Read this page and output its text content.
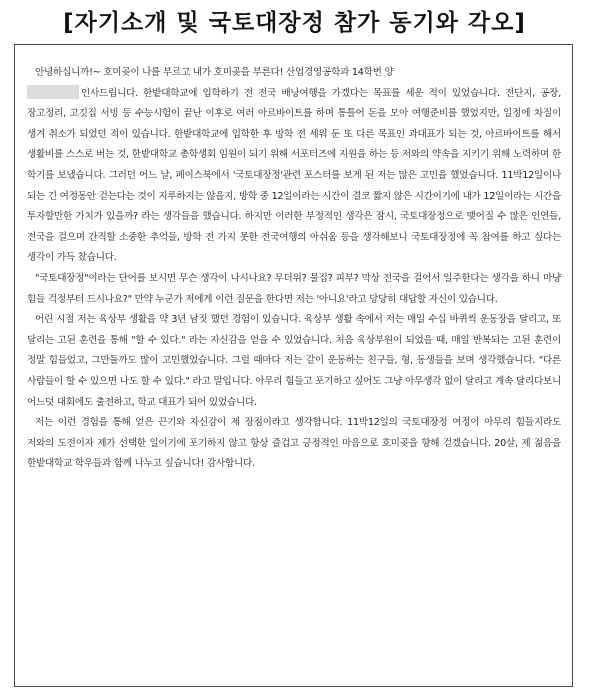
[자기소개 및 국토대장정 참가 동기와 각오]

안녕하십니까!~ 호미곶이 나를 부르고 내가 호미곶을 부른다! 산업경영공학과 14학번 양
인사드립니다. 한밭대학교에 입학하기 전 전국 배낭여행을 가겠다는 목표를 세운 적이 있었습니다. 전단지, 공장, 장고정리, 고깃집 서빙 등 수능시험이 끝난 이후로 여러 아르바이트를 하며 통틀어 돈을 모아 여행준비를 했었지만, 일정에 차질이 생겨 취소가 되었던 적이 있습니다. 한밭대학교에 입학한 후 방학 전 세워 둔 또 다른 목표인 과대표가 되는 것, 아르바이트를 해서 생활비를 스스로 버는 것, 한밭대학교 총학생회 임원이 되기 위해 서포터즈에 지원을 하는 등 저와의 약속을 지키기 위해 노력하며 한 학기를 보냈습니다. 그러던 어느 날, 페이스북에서 '국토대장정'관련 포스터를 보게 된 저는 많은 고민을 했었습니다. 11박12일이나 되는 긴 여정동안 걷는다는 것이 지루하지는 않을지, 방학 중 12일이라는 시간이 결코 짧지 않은 시간이기에 내가 12일이라는 시간을 투자할만한 가치가 있을까? 라는 생각들을 했습니다. 하지만 이러한 부정적인 생각은 잠시, 국토대장정으로 맺어질 수 많은 인연들, 전국을 걸으며 간직할 소중한 추억들, 방학 전 가지 못한 전국여행의 아쉬움 등을 생각해보니 국토대장정에 꼭 참여를 하고 싶다는 생각이 가득 찼습니다.

"국토대장정"이라는 단어를 보시면 무슨 생각이 나시나요? 무더위? 물집? 피부? 막상 전국을 걸어서 일주한다는 생각을 하니 마냥 힘들 걱정부터 드시나요?" 만약 누군가 저에게 이런 질문을 한다면 저는 '아니요'라고 당당히 대답할 자신이 있습니다.

어린 시절 저는 육상부 생활을 약 3년 남짓 했던 경험이 있습니다. 육상부 생활 속에서 저는 매일 수십 바퀴씩 운동장을 달리고, 또 달리는 고된 훈련을 통해 "할 수 있다." 라는 자신감을 얻을 수 있었습니다. 처음 육상부원이 되었을 때, 매일 반복되는 고된 훈련이 정말 힘들었고, 그만둘까도 많이 고민했었습니다. 그럴 때마다 저는 같이 운동하는 친구들, 형, 동생들을 보며 생각했습니다. "다른 사람들이 할 수 있으면 나도 할 수 있다." 라고 말입니다. 아무리 힘들고 포기하고 싶어도 그냥 아무생각 없이 달리고 계속 달리다보니 어느덧 대회에도 출전하고, 학교 대표가 되어 있었습니다.

저는 이런 경험을 통해 얻은 끈기와 자신감이 제 장점이라고 생각합니다. 11박12일의 국토대장정 여정이 아무리 힘들지라도 저와의 도전이자 제가 선택한 일이기에 포기하지 않고 항상 즐겁고 긍정적인 마음으로 호미곶을 향해 걷겠습니다. 20살, 제 젊음을 한밭대학교 학우들과 함께 나누고 싶습니다! 감사합니다.
